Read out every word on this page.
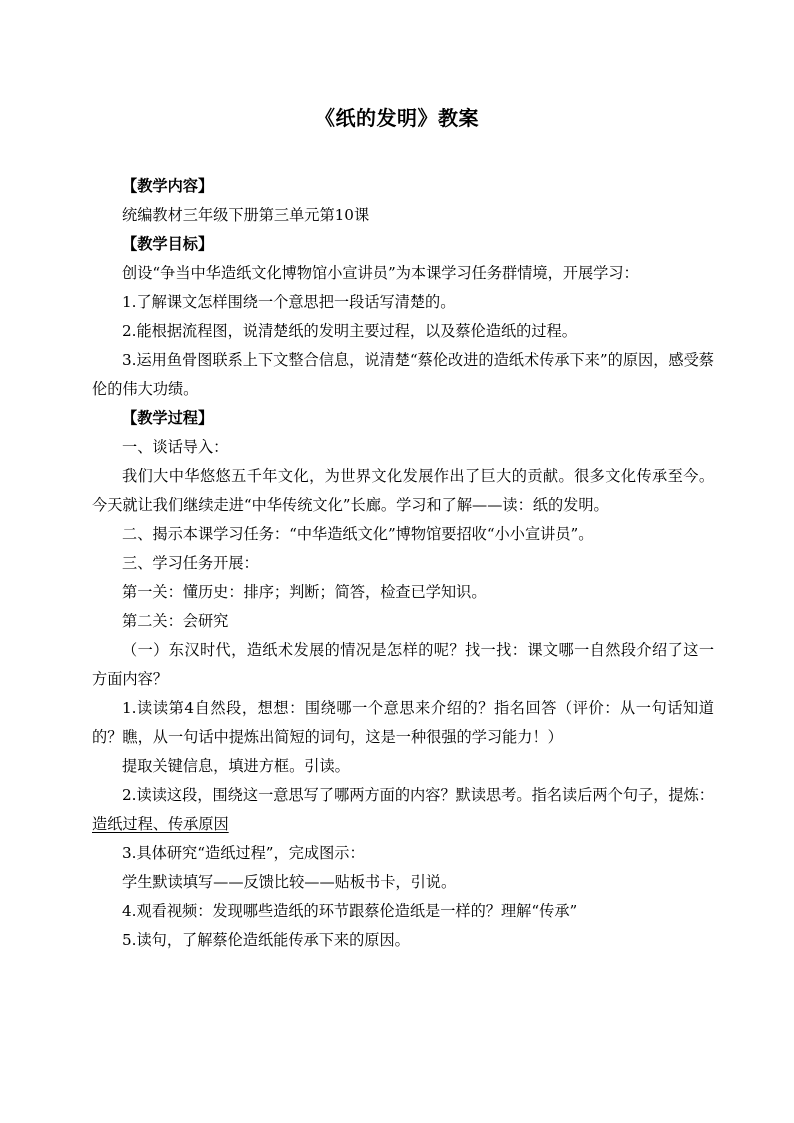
《纸的发明》教案

【教学内容】

统编教材三年级下册第三单元第10课

【教学目标】

创设“争当中华造纸文化博物馆小宣讲员”为本课学习任务群情境，开展学习：

1.了解课文怎样围绕一个意思把一段话写清楚的。

2.能根据流程图，说清楚纸的发明主要过程，以及蔡伦造纸的过程。

3.运用鱼骨图联系上下文整合信息，说清楚“蔡伦改进的造纸术传承下来”的原因，感受蔡伦的伟大功绩。

【教学过程】

一、谈话导入：

我们大中华悠悠五千年文化，为世界文化发展作出了巨大的贡献。很多文化传承至今。今天就让我们继续走进“中华传统文化”长廊。学习和了解——读：纸的发明。

二、揭示本课学习任务：“中华造纸文化”博物馆要招收“小小宣讲员”。

三、学习任务开展：

第一关：懂历史：排序；判断；简答，检查已学知识。

第二关：会研究

（一）东汉时代，造纸术发展的情况是怎样的呢？找一找：课文哪一自然段介绍了这一方面内容？

1.读读第4自然段，想想：围绕哪一个意思来介绍的？指名回答（评价：从一句话知道的？瞧，从一句话中提炼出简短的词句，这是一种很强的学习能力！）

提取关键信息，填进方框。引读。

2.读读这段，围绕这一意思写了哪两方面的内容？默读思考。指名读后两个句子，提炼：造纸过程、传承原因

3.具体研究“造纸过程”，完成图示：

学生默读填写——反馈比较——贴板书卡，引说。

4.观看视频：发现哪些造纸的环节跟蔡伦造纸是一样的？理解“传承”

5.读句，了解蔡伦造纸能传承下来的原因。
